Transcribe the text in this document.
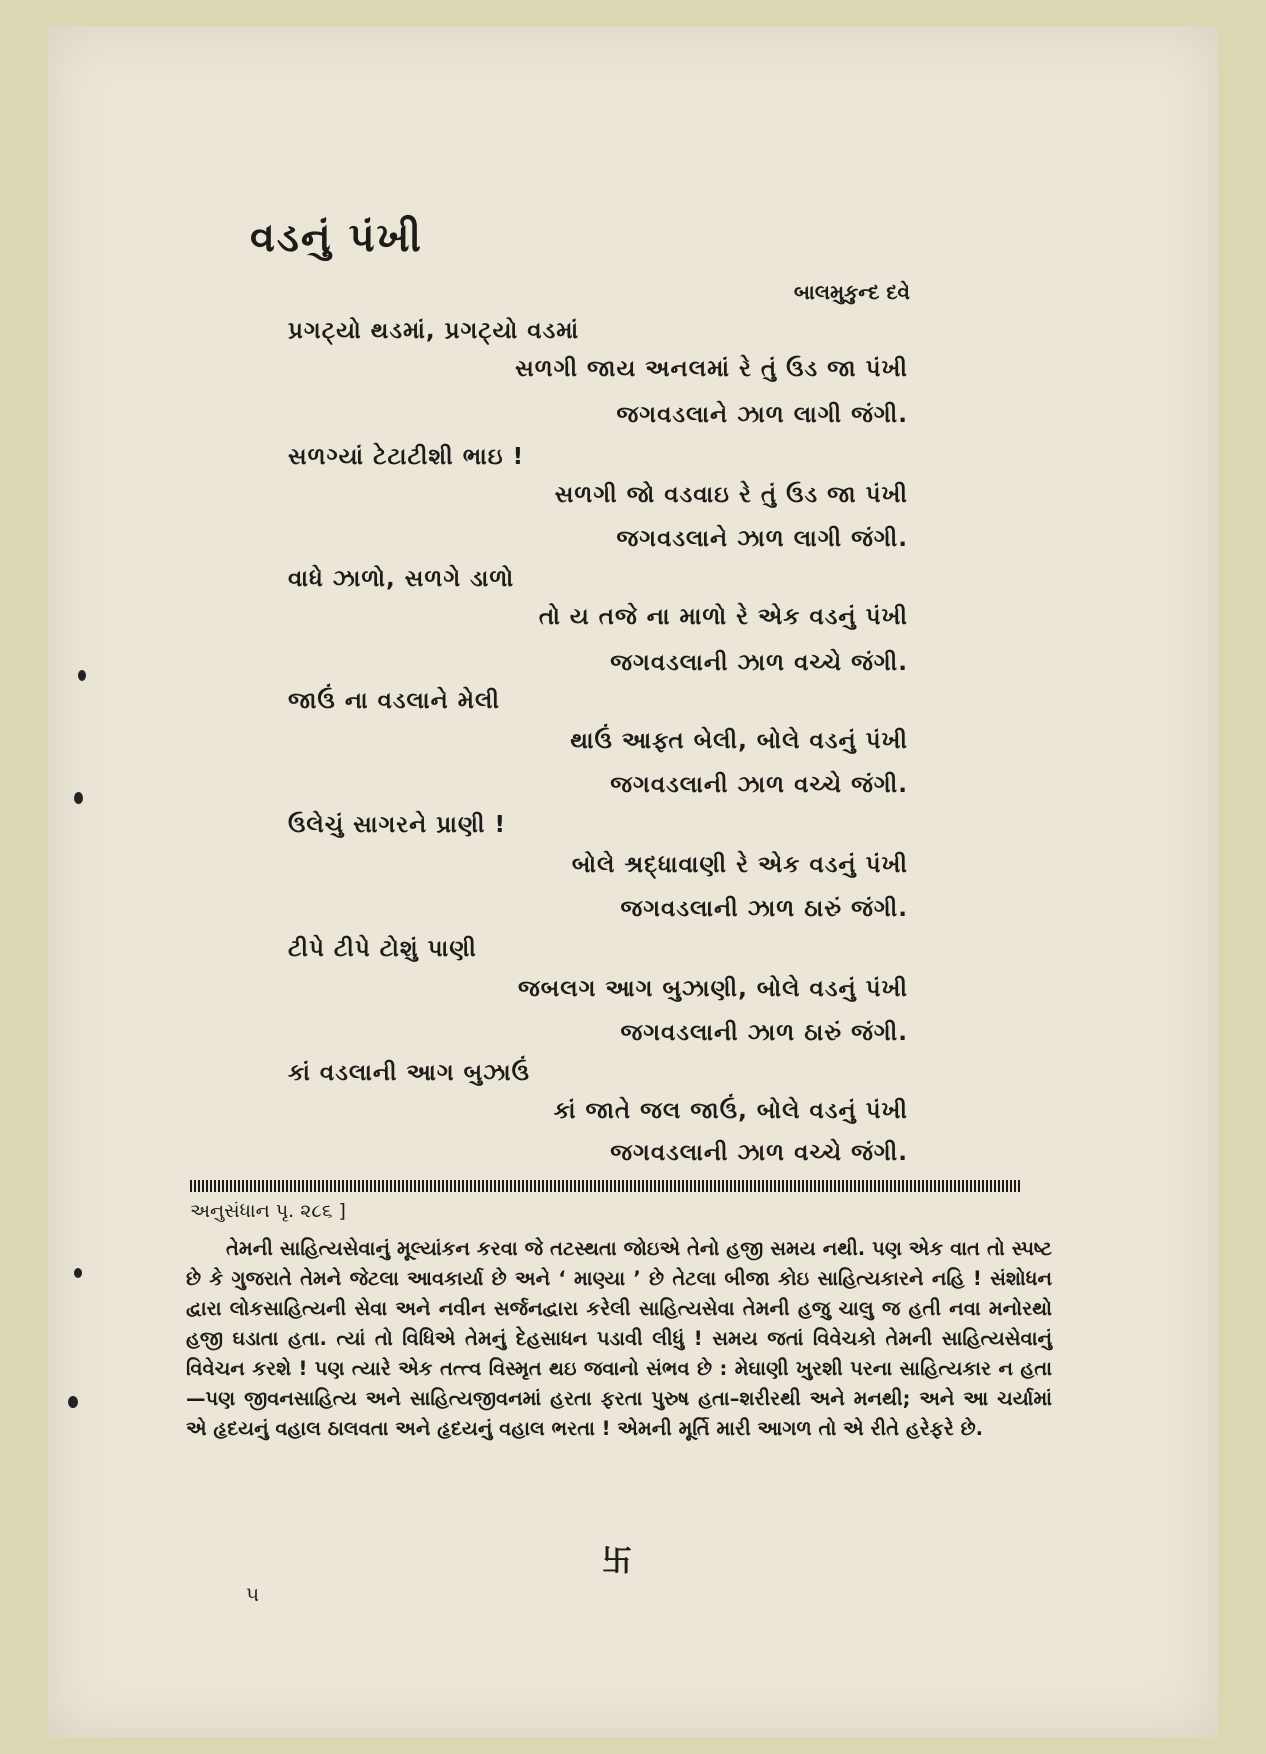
વડનું પંખી
બાલમુકુન્દ દવે
પ્રગટ્યો થડમાં, પ્રગટ્યો વડમાં
સળગી જાય અનલમાં રે તું ઉડ જા પંખી
જગવડલાને ઝાળ લાગી જંગી.
સળગ્યાં ટેટાટીશી ભાઇ !
સળગી જો વડવાઇ રે તું ઉડ જા પંખી
જગવડલાને ઝાળ લાગી જંગી.
વાધે ઝાળો, સળગે ડાળો
તો ય તજે ના માળો રે એક વડનું પંખી
જગવડલાની ઝાળ વચ્ચે જંગી.
જાઉં ના વડલાને મેલી
થાઉં આફ્ત બેલી, બોલે વડનું પંખી
જગવડલાની ઝાળ વચ્ચે જંગી.
ઉલેચું સાગરને પ્રાણી !
બોલે શ્રદ્ધાવાણી રે એક વડનું પંખી
જગવડલાની ઝાળ ઠારું જંગી.
ટીપે ટીપે ટોશું પાણી
જબલગ આગ બુઝાણી, બોલે વડનું પંખી
જગવડલાની ઝાળ ઠારું જંગી.
કાં વડલાની આગ બુઝાઉં
કાં જાતે જલ જાઉં, બોલે વડનું પંખી
જગવડલાની ઝાળ વચ્ચે જંગી.
અનુસંધાન પૃ. ૨૮૬ ]

તેમની સાહિત્યસેવાનું મૂલ્યાંકન કરવા જે તટસ્થતા જોઇએ તેનો હજી સમય નથી. પણ એક વાત તો સ્પષ્ટ છે કે ગુજરાતે તેમને જેટલા આવકાર્યા છે અને ‘ માણ્યા ’ છે તેટલા બીજા કોઇ સાહિત્યકારને નહિ ! સંશોધન દ્વારા લોકસાહિત્યની સેવા અને નવીન સર્જનદ્વારા કરેલી સાહિત્યસેવા તેમની હજુ ચાલુ જ હતી નવા મનોરથો હજી ઘડાતા હતા. ત્યાં તો વિધિએ તેમનું દેહસાધન પડાવી લીધું ! સમય જતાં વિવેચકો તેમની સાહિત્યસેવાનું વિવેચન કરશે ! પણ ત્યારે એક તત્ત્વ વિસ્મૃત થઇ જવાનો સંભવ છે : મેઘાણી ખુરશી પરના સાહિત્યકાર ન હતા—પણ જીવનસાહિત્ય અને સાહિત્યજીવનમાં હરતા ફરતા પુરુષ હતા–શરીરથી અને મનથી; અને આ ચર્યામાં એ હૃદયનું વહાલ ઠાલવતા અને હૃદયનું વહાલ ભરતા ! એમની મૂર્તિ મારી આગળ તો એ રીતે હરેફરે છે.

卐
૫
